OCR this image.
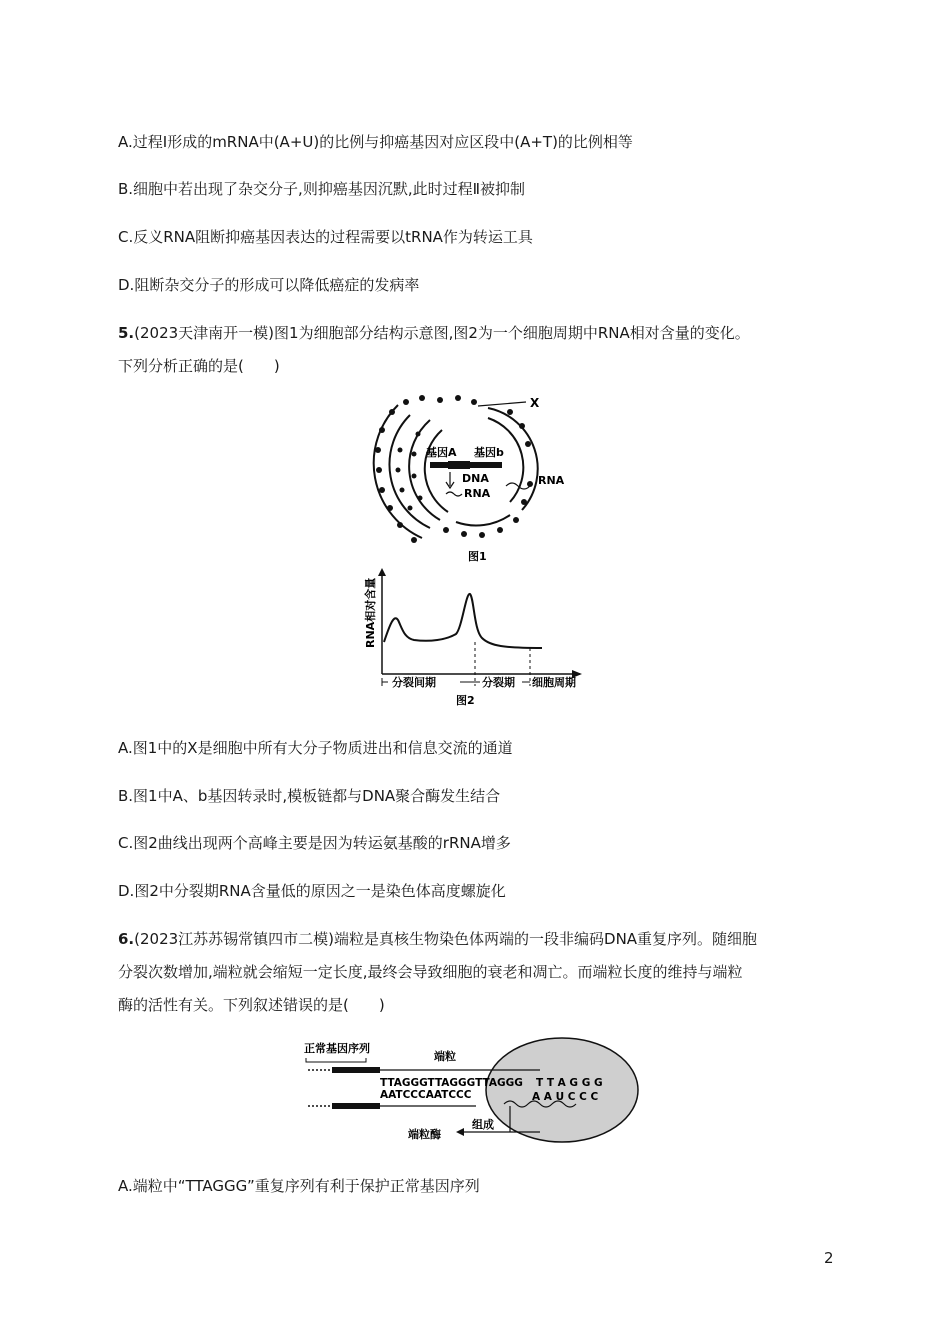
A.过程Ⅰ形成的mRNA中(A+U)的比例与抑癌基因对应区段中(A+T)的比例相等
B.细胞中若出现了杂交分子,则抑癌基因沉默,此时过程Ⅱ被抑制
C.反义RNA阻断抑癌基因表达的过程需要以tRNA作为转运工具
D.阻断杂交分子的形成可以降低癌症的发病率
5.(2023天津南开一模)图1为细胞部分结构示意图,图2为一个细胞周期中RNA相对含量的变化。
下列分析正确的是(　　)
X
基因A 基因b
DNA
RNA
RNA
图1
RNA相对含量
分裂间期	分裂期 细胞周期
图2
A.图1中的X是细胞中所有大分子物质进出和信息交流的通道
B.图1中A、b基因转录时,模板链都与DNA聚合酶发生结合
C.图2曲线出现两个高峰主要是因为转运氨基酸的rRNA增多
D.图2中分裂期RNA含量低的原因之一是染色体高度螺旋化
6.(2023江苏苏锡常镇四市二模)端粒是真核生物染色体两端的一段非编码DNA重复序列。随细胞
分裂次数增加,端粒就会缩短一定长度,最终会导致细胞的衰老和凋亡。而端粒长度的维持与端粒
酶的活性有关。下列叙述错误的是(　　)
正常基因序列
端粒
TTAGGGTTAGGGTTAGGG T T A G G G
AATCCCAATCCC	A A U C C C
组成
端粒酶
A.端粒中“TTAGGG”重复序列有利于保护正常基因序列
2
